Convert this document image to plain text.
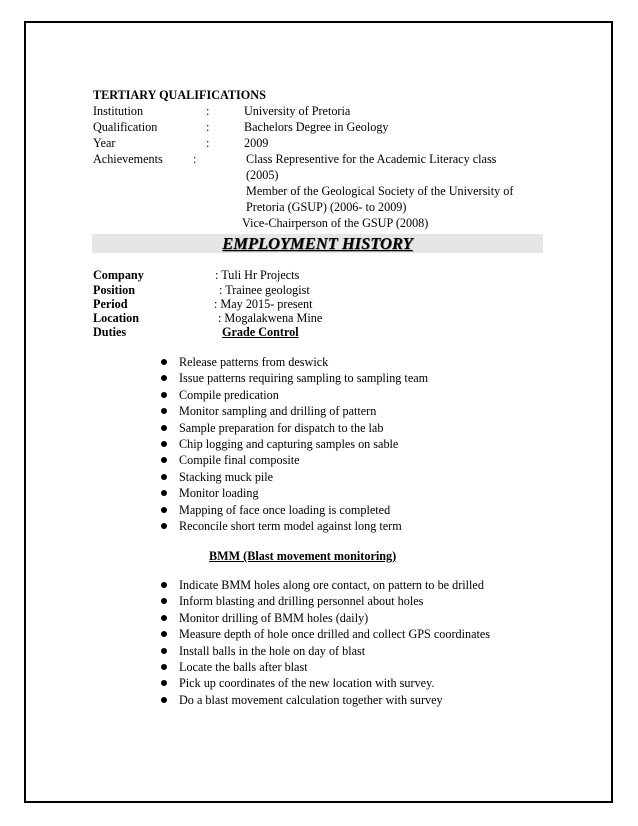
TERTIARY QUALIFICATIONS
Institution	:	University of Pretoria
Qualification	:	Bachelors Degree in Geology
Year	:	2009
Achievements :	Class Representive for the Academic Literacy class
(2005)
Member of the Geological Society of the University of
Pretoria (GSUP) (2006- to 2009)
Vice-Chairperson of the GSUP (2008)
EMPLOYMENT HISTORY
Company	: Tuli Hr Projects
Position	: Trainee geologist
Period	: May 2015- present
Location	: Mogalakwena Mine
Duties	Grade Control
Release patterns from deswick
Issue patterns requiring sampling to sampling team
Compile predication
Monitor sampling and drilling of pattern
Sample preparation for dispatch to the lab
Chip logging and capturing samples on sable
Compile final composite
Stacking muck pile
Monitor loading
Mapping of face once loading is completed
Reconcile short term model against long term
BMM (Blast movement monitoring)
Indicate BMM holes along ore contact, on pattern to be drilled
Inform blasting and drilling personnel about holes
Monitor drilling of BMM holes (daily)
Measure depth of hole once drilled and collect GPS coordinates
Install balls in the hole on day of blast
Locate the balls after blast
Pick up coordinates of the new location with survey.
Do a blast movement calculation together with survey
